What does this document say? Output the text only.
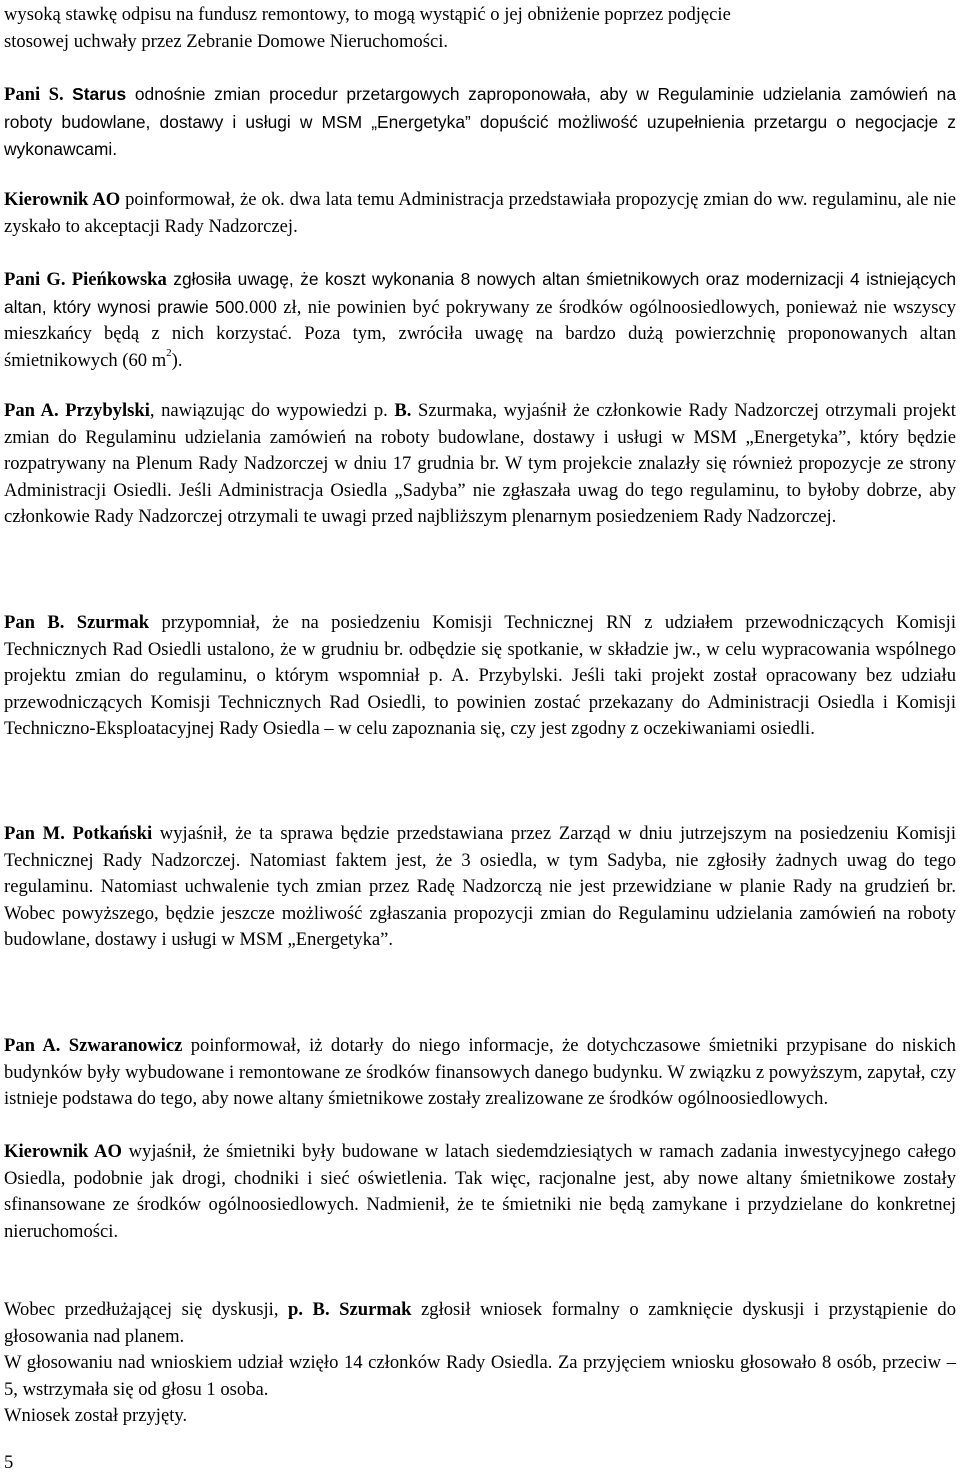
wysoką stawkę odpisu na fundusz remontowy, to mogą wystąpić o jej obniżenie poprzez podjęcie
stosowej uchwały przez Zebranie Domowe Nieruchomości.

Pani S. Starus odnośnie zmian procedur przetargowych zaproponowała, aby w Regulaminie udzielania zamówień na roboty budowlane, dostawy i usługi w MSM „Energetyka” dopuścić możliwość uzupełnienia przetargu o negocjacje z wykonawcami.

Kierownik AO poinformował, że ok. dwa lata temu Administracja przedstawiała propozycję zmian do ww. regulaminu, ale nie zyskało to akceptacji Rady Nadzorczej.

Pani G. Pieńkowska zgłosiła uwagę, że koszt wykonania 8 nowych altan śmietnikowych oraz modernizacji 4 istniejących altan, który wynosi prawie 500.000 zł, nie powinien być pokrywany ze środków ogólnoosiedlowych, ponieważ nie wszyscy mieszkańcy będą z nich korzystać. Poza tym, zwróciła uwagę na bardzo dużą powierzchnię proponowanych altan śmietnikowych (60 $m^2$).

Pan A. Przybylski, nawiązując do wypowiedzi p. B. Szurmaka, wyjaśnił że członkowie Rady Nadzorczej otrzymali projekt zmian do Regulaminu udzielania zamówień na roboty budowlane, dostawy i usługi w MSM „Energetyka”, który będzie rozpatrywany na Plenum Rady Nadzorczej w dniu 17 grudnia br. W tym projekcie znalazły się również propozycje ze strony Administracji Osiedli. Jeśli Administracja Osiedla „Sadyba” nie zgłaszała uwag do tego regulaminu, to byłoby dobrze, aby członkowie Rady Nadzorczej otrzymali te uwagi przed najbliższym plenarnym posiedzeniem Rady Nadzorczej.

Pan B. Szurmak przypomniał, że na posiedzeniu Komisji Technicznej RN z udziałem przewodniczących Komisji Technicznych Rad Osiedli ustalono, że w grudniu br. odbędzie się spotkanie, w składzie jw., w celu wypracowania wspólnego projektu zmian do regulaminu, o którym wspomniał p. A. Przybylski. Jeśli taki projekt został opracowany bez udziału przewodniczących Komisji Technicznych Rad Osiedli, to powinien zostać przekazany do Administracji Osiedla i Komisji Techniczno-Eksploatacyjnej Rady Osiedla – w celu zapoznania się, czy jest zgodny z oczekiwaniami osiedli.

Pan M. Potkański wyjaśnił, że ta sprawa będzie przedstawiana przez Zarząd w dniu jutrzejszym na posiedzeniu Komisji Technicznej Rady Nadzorczej. Natomiast faktem jest, że 3 osiedla, w tym Sadyba, nie zgłosiły żadnych uwag do tego regulaminu. Natomiast uchwalenie tych zmian przez Radę Nadzorczą nie jest przewidziane w planie Rady na grudzień br. Wobec powyższego, będzie jeszcze możliwość zgłaszania propozycji zmian do Regulaminu udzielania zamówień na roboty budowlane, dostawy i usługi w MSM „Energetyka”.

Pan A. Szwaranowicz poinformował, iż dotarły do niego informacje, że dotychczasowe śmietniki przypisane do niskich budynków były wybudowane i remontowane ze środków finansowych danego budynku. W związku z powyższym, zapytał, czy istnieje podstawa do tego, aby nowe altany śmietnikowe zostały zrealizowane ze środków ogólnoosiedlowych.

Kierownik AO wyjaśnił, że śmietniki były budowane w latach siedemdziesiątych w ramach zadania inwestycyjnego całego Osiedla, podobnie jak drogi, chodniki i sieć oświetlenia. Tak więc, racjonalne jest, aby nowe altany śmietnikowe zostały sfinansowane ze środków ogólnoosiedlowych. Nadmienił, że te śmietniki nie będą zamykane i przydzielane do konkretnej nieruchomości.

Wobec przedłużającej się dyskusji, p. B. Szurmak zgłosił wniosek formalny o zamknięcie dyskusji i przystąpienie do głosowania nad planem.

W głosowaniu nad wnioskiem udział wzięło 14 członków Rady Osiedla. Za przyjęciem wniosku głosowało 8 osób, przeciw – 5, wstrzymała się od głosu 1 osoba.

Wniosek został przyjęty.

5
